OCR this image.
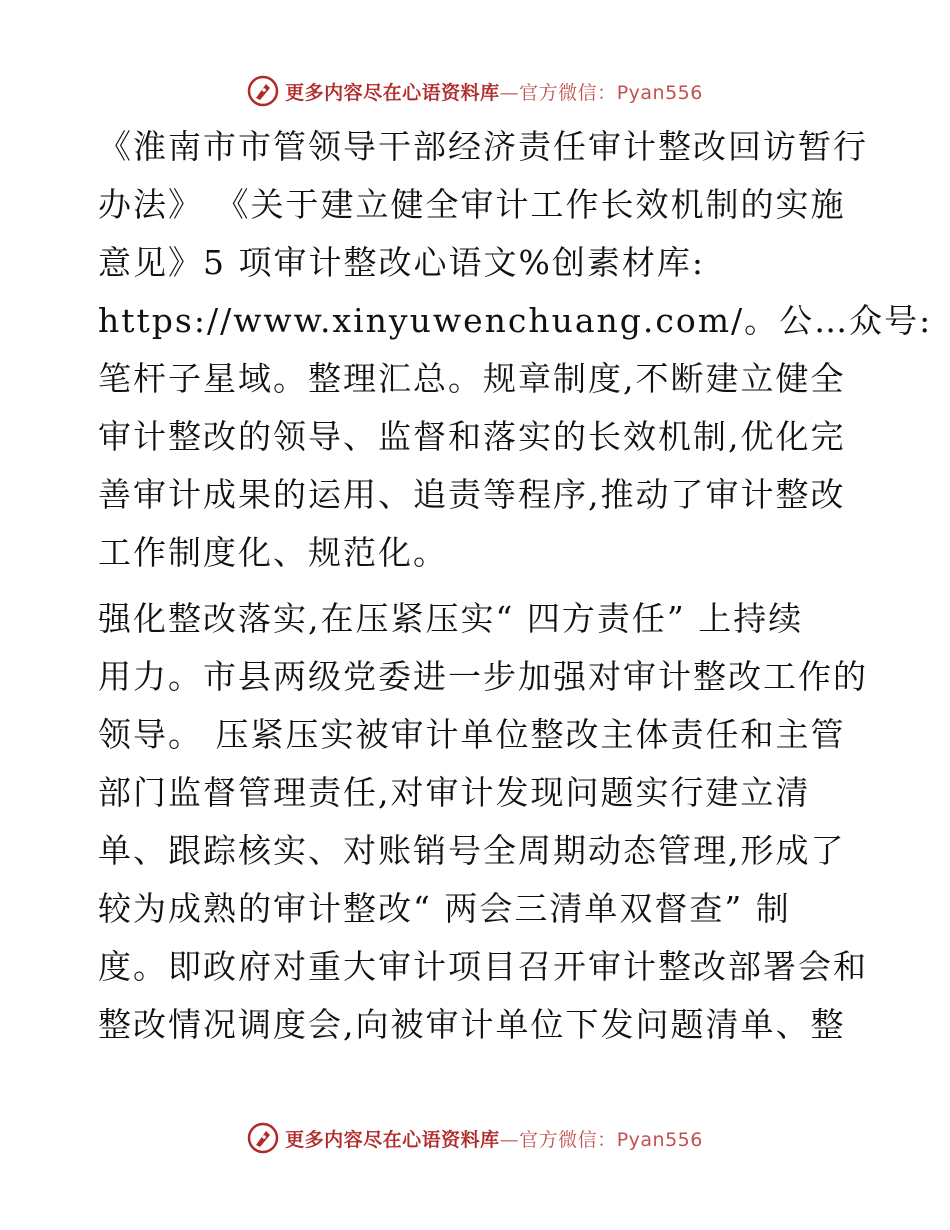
更多内容尽在心语资料库—官方微信：Pyan556

《淮南市市管领导干部经济责任审计整改回访暂行
办法》 《关于建立健全审计工作长效机制的实施
意见》5 项审计整改心语文%创素材库:
https://www.xinyuwenchuang.com/。公…众号:
笔杆子星域。整理汇总。规章制度,不断建立健全
审计整改的领导、监督和落实的长效机制,优化完
善审计成果的运用、追责等程序,推动了审计整改
工作制度化、规范化。

强化整改落实,在压紧压实“ 四方责任” 上持续
用力。市县两级党委进一步加强对审计整改工作的
领导。 压紧压实被审计单位整改主体责任和主管
部门监督管理责任,对审计发现问题实行建立清
单、跟踪核实、对账销号全周期动态管理,形成了
较为成熟的审计整改“ 两会三清单双督查” 制
度。即政府对重大审计项目召开审计整改部署会和
整改情况调度会,向被审计单位下发问题清单、整

更多内容尽在心语资料库—官方微信：Pyan556
